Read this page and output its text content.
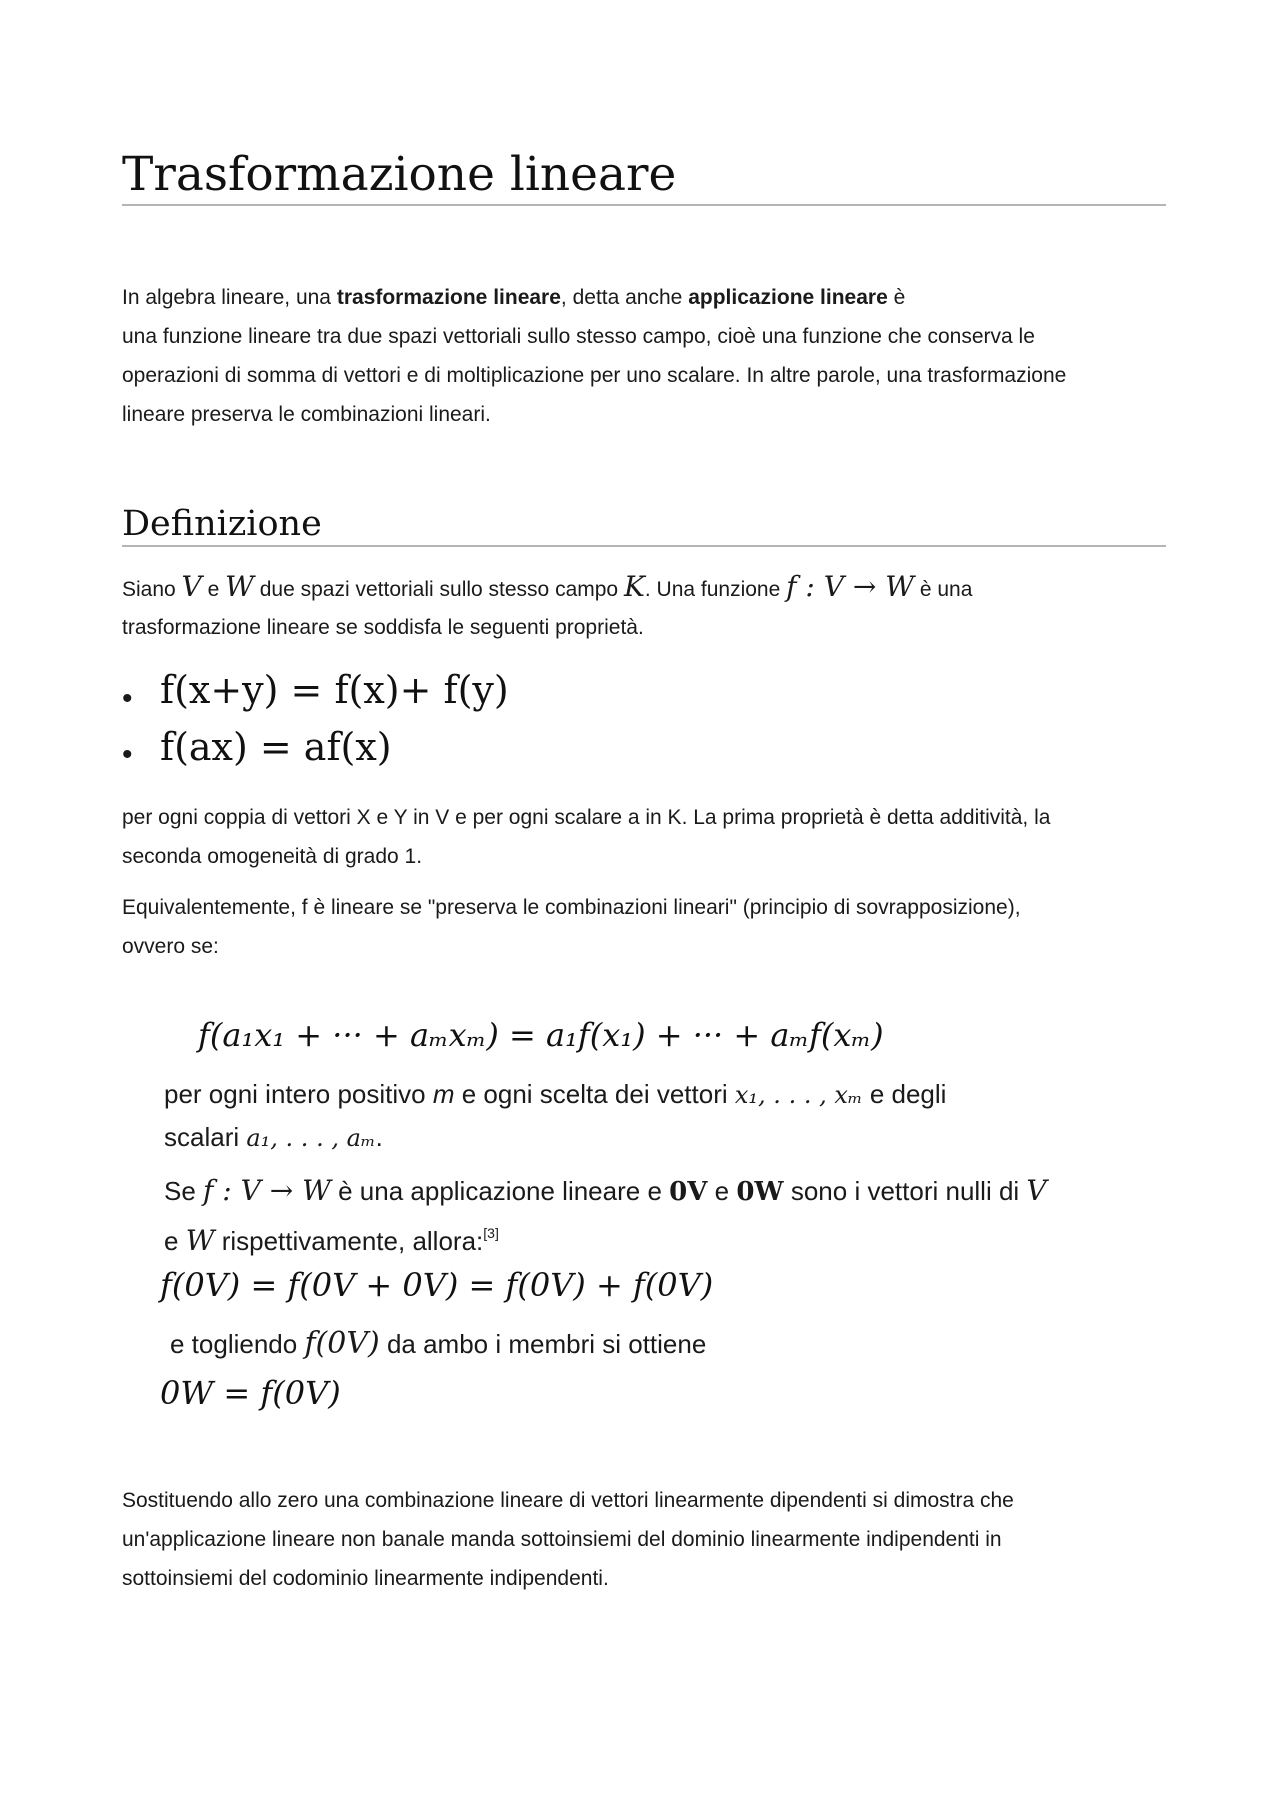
Trasformazione lineare
In algebra lineare, una trasformazione lineare, detta anche applicazione lineare è
una funzione lineare tra due spazi vettoriali sullo stesso campo, cioè una funzione che conserva le
operazioni di somma di vettori e di moltiplicazione per uno scalare. In altre parole, una trasformazione
lineare preserva le combinazioni lineari.
Definizione
Siano V e W due spazi vettoriali sullo stesso campo K. Una funzione f : V → W è una
trasformazione lineare se soddisfa le seguenti proprietà.
• f(x+y) = f(x)+ f(y)
• f(ax) = af(x)
per ogni coppia di vettori X e Y in V e per ogni scalare a in K. La prima proprietà è detta additività, la
seconda omogeneità di grado 1.
Equivalentemente, f è lineare se "preserva le combinazioni lineari" (principio di sovrapposizione),
ovvero se:
f(a₁x₁ + ··· + aₘxₘ) = a₁f(x₁) + ··· + aₘf(xₘ)
per ogni intero positivo m e ogni scelta dei vettori x₁, . . . , xₘ e degli
scalari a₁, . . . , aₘ.
Se f : V → W è una applicazione lineare e 0V e 0W sono i vettori nulli di V
e W rispettivamente, allora:[3]
f(0V) = f(0V + 0V) = f(0V) + f(0V)
e togliendo f(0V) da ambo i membri si ottiene
0W = f(0V)
Sostituendo allo zero una combinazione lineare di vettori linearmente dipendenti si dimostra che
un'applicazione lineare non banale manda sottoinsiemi del dominio linearmente indipendenti in
sottoinsiemi del codominio linearmente indipendenti.
